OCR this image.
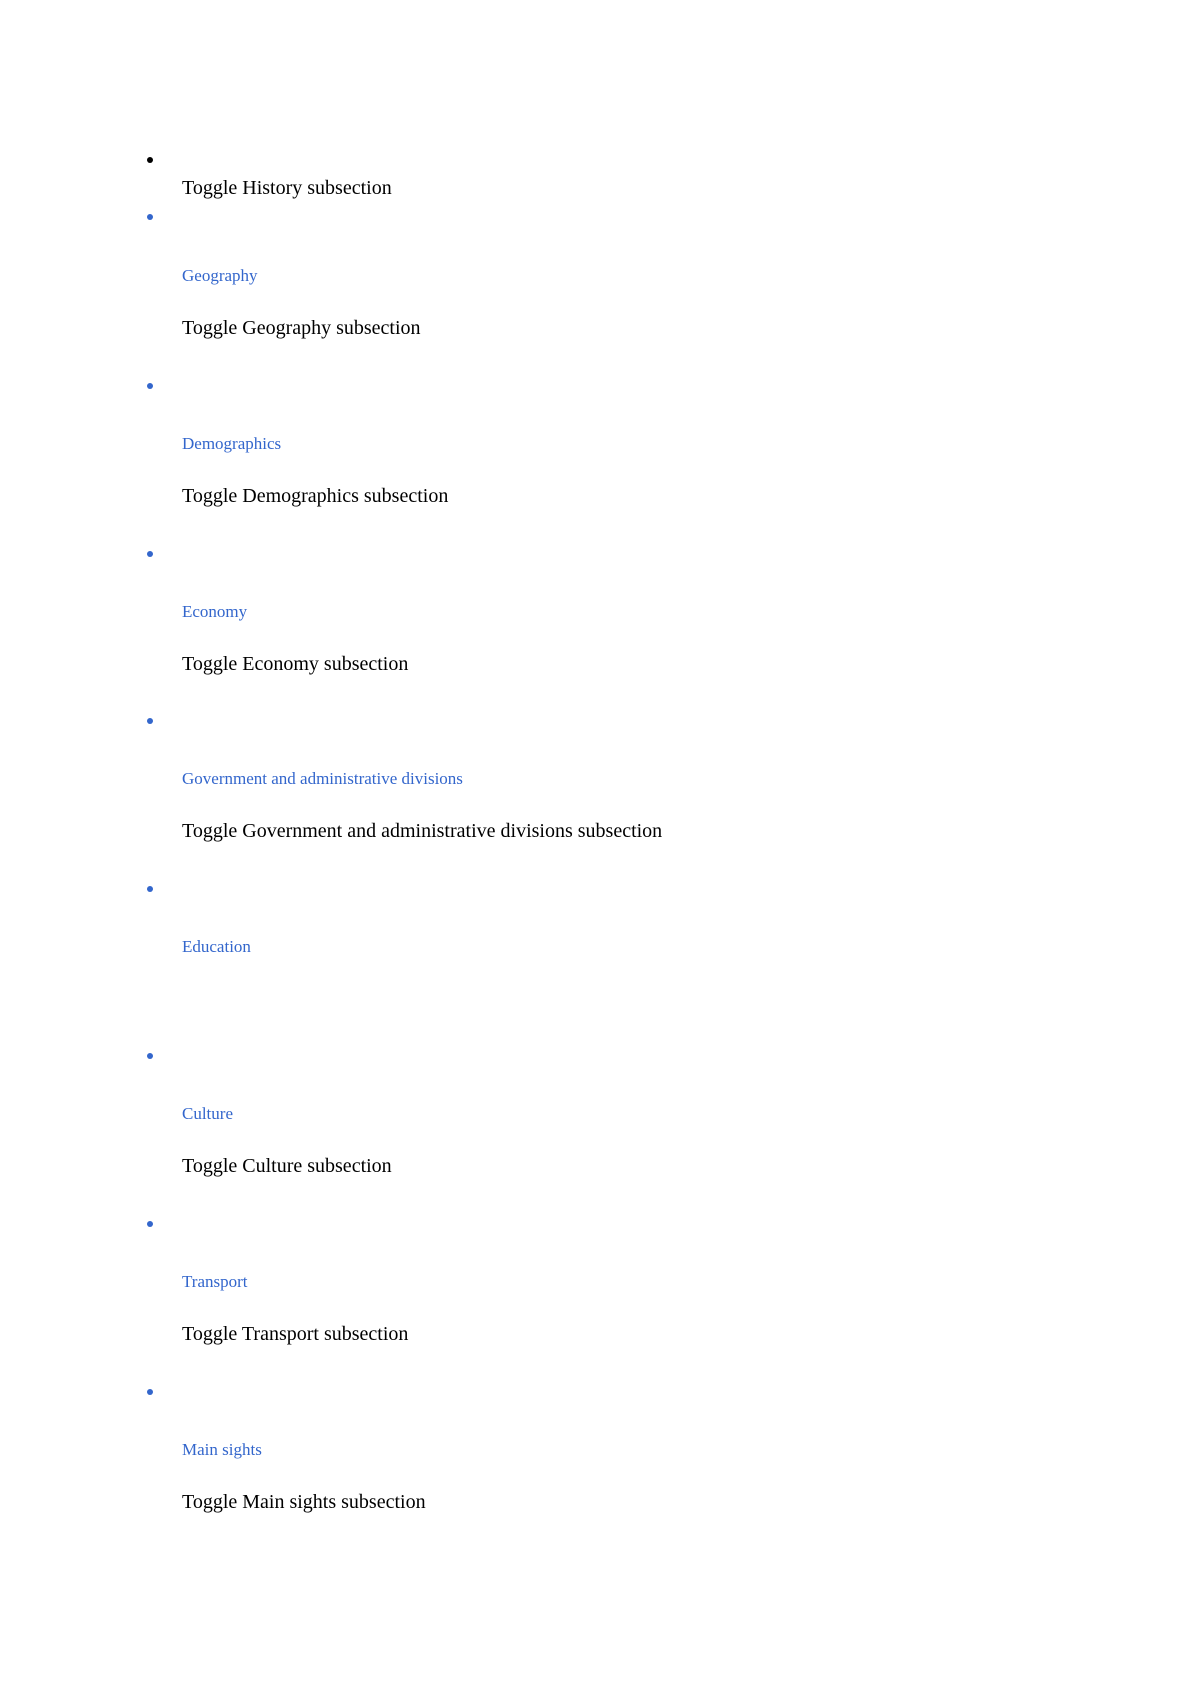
Toggle History subsection
Geography
Toggle Geography subsection
Demographics
Toggle Demographics subsection
Economy
Toggle Economy subsection
Government and administrative divisions
Toggle Government and administrative divisions subsection
Education
Culture
Toggle Culture subsection
Transport
Toggle Transport subsection
Main sights
Toggle Main sights subsection
